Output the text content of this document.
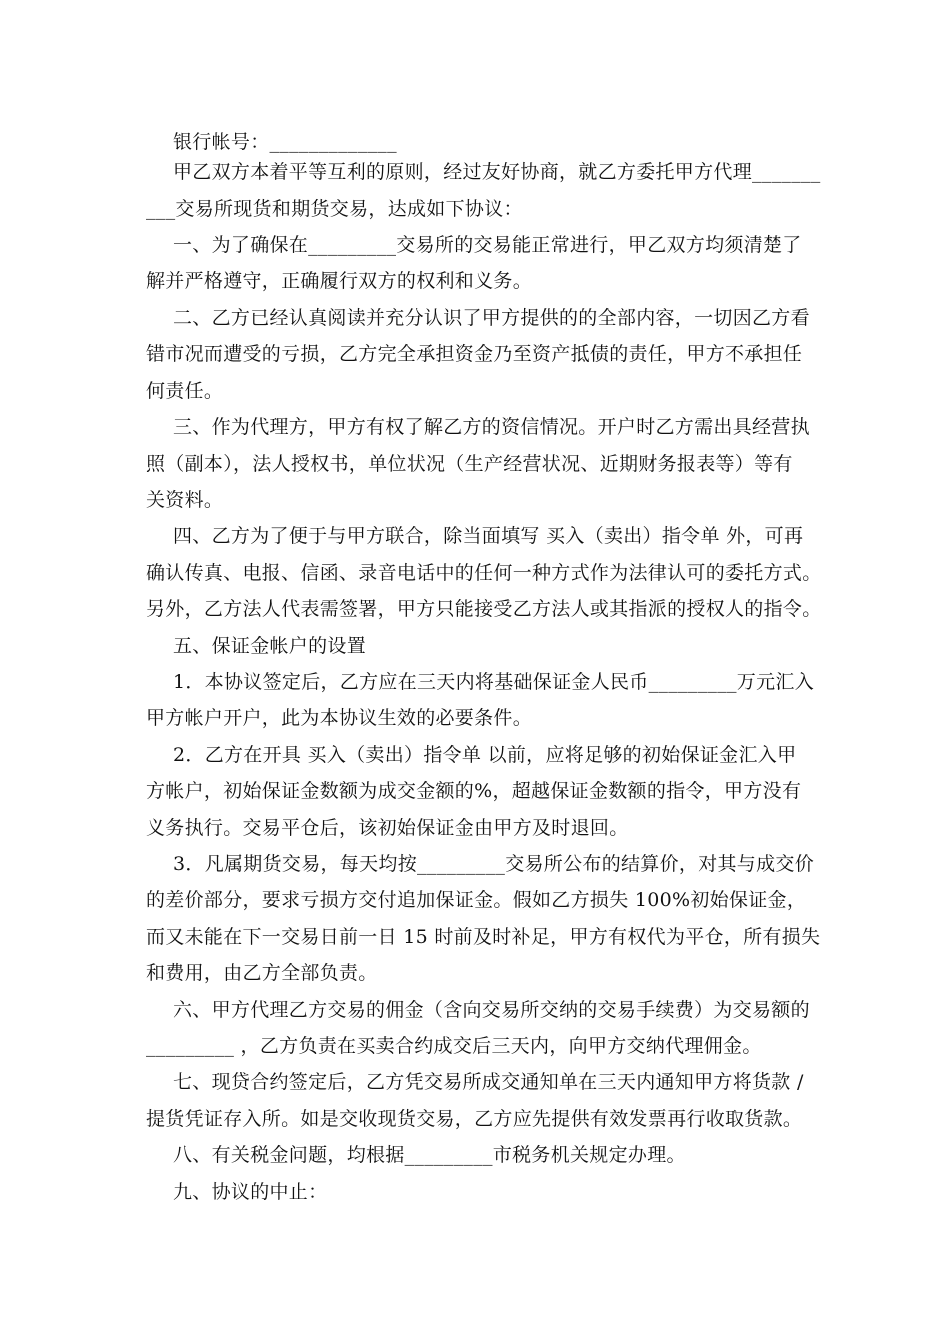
银行帐号：_____________
甲乙双方本着平等互利的原则，经过友好协商，就乙方委托甲方代理_______
___交易所现货和期货交易，达成如下协议：
一、为了确保在_________交易所的交易能正常进行，甲乙双方均须清楚了
解并严格遵守，正确履行双方的权利和义务。
二、乙方已经认真阅读并充分认识了甲方提供的的全部内容，一切因乙方看
错市况而遭受的亏损，乙方完全承担资金乃至资产抵债的责任，甲方不承担任
何责任。
三、作为代理方，甲方有权了解乙方的资信情况。开户时乙方需出具经营执
照（副本），法人授权书，单位状况（生产经营状况、近期财务报表等）等有
关资料。
四、乙方为了便于与甲方联合，除当面填写 买入（卖出）指令单 外，可再
确认传真、电报、信函、录音电话中的任何一种方式作为法律认可的委托方式。
另外，乙方法人代表需签署，甲方只能接受乙方法人或其指派的授权人的指令。
五、保证金帐户的设置
1．本协议签定后，乙方应在三天内将基础保证金人民币_________万元汇入
甲方帐户开户，此为本协议生效的必要条件。
2．乙方在开具 买入（卖出）指令单 以前，应将足够的初始保证金汇入甲
方帐户，初始保证金数额为成交金额的%，超越保证金数额的指令，甲方没有
义务执行。交易平仓后，该初始保证金由甲方及时退回。
3．凡属期货交易，每天均按_________交易所公布的结算价，对其与成交价
的差价部分，要求亏损方交付追加保证金。假如乙方损失 100%初始保证金，
而又未能在下一交易日前一日 15 时前及时补足，甲方有权代为平仓，所有损失
和费用，由乙方全部负责。
六、甲方代理乙方交易的佣金（含向交易所交纳的交易手续费）为交易额的
_________ ，乙方负责在买卖合约成交后三天内，向甲方交纳代理佣金。
七、现贷合约签定后，乙方凭交易所成交通知单在三天内通知甲方将货款 /
提货凭证存入所。如是交收现货交易，乙方应先提供有效发票再行收取货款。
八、有关税金问题，均根据_________市税务机关规定办理。
九、协议的中止：
